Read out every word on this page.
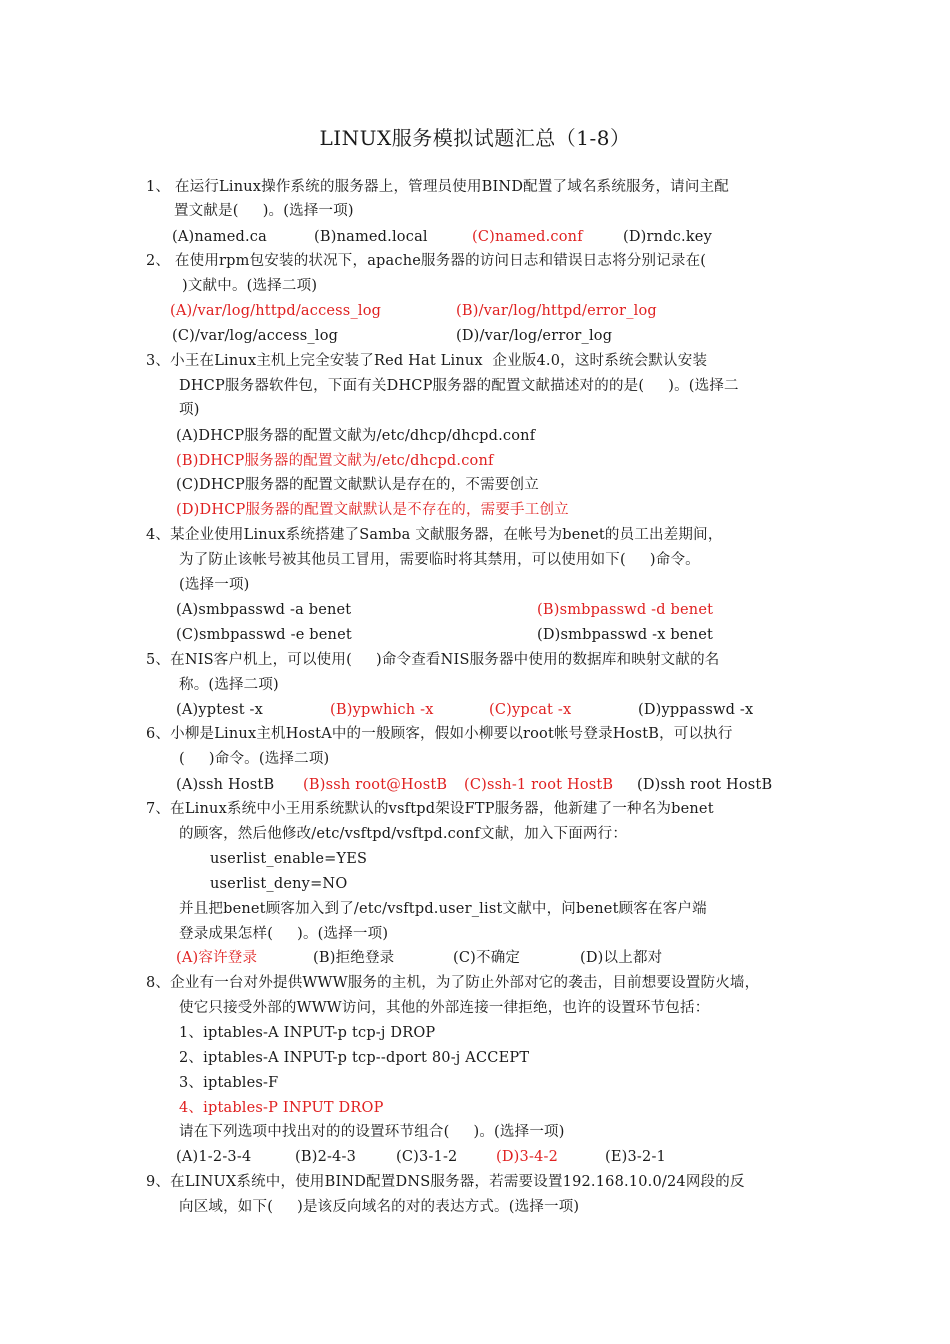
LINUX服务模拟试题汇总（1-8）
1、 在运行Linux操作系统的服务器上，管理员使用BIND配置了域名系统服务，请问主配
置文献是(     )。(选择一项)
(A)named.ca	(B)named.local	(C)named.conf	(D)rndc.key
2、 在使用rpm包安装的状况下，apache服务器的访问日志和错误日志将分别记录在(
)文献中。(选择二项)
(A)/var/log/httpd/access_log	(B)/var/log/httpd/error_log
(C)/var/log/access_log	(D)/var/log/error_log
3、小王在Linux主机上完全安装了Red Hat Linux  企业版4.0，这时系统会默认安装
DHCP服务器软件包，下面有关DHCP服务器的配置文献描述对的的是(     )。(选择二
项)
(A)DHCP服务器的配置文献为/etc/dhcp/dhcpd.conf
(B)DHCP服务器的配置文献为/etc/dhcpd.conf
(C)DHCP服务器的配置文献默认是存在的，不需要创立
(D)DHCP服务器的配置文献默认是不存在的，需要手工创立
4、某企业使用Linux系统搭建了Samba 文献服务器，在帐号为benet的员工出差期间，
为了防止该帐号被其他员工冒用，需要临时将其禁用，可以使用如下(     )命令。
(选择一项)
(A)smbpasswd -a benet	(B)smbpasswd -d benet
(C)smbpasswd -e benet	(D)smbpasswd -x benet
5、在NIS客户机上，可以使用(     )命令查看NIS服务器中使用的数据库和映射文献的名
称。(选择二项)
(A)yptest -x	(B)ypwhich -x	(C)ypcat -x	(D)yppasswd -x
6、小柳是Linux主机HostA中的一般顾客，假如小柳要以root帐号登录HostB，可以执行
(     )命令。(选择二项)
(A)ssh HostB (B)ssh root@HostB (C)ssh-1 root HostB (D)ssh root HostB
7、在Linux系统中小王用系统默认的vsftpd架设FTP服务器，他新建了一种名为benet
的顾客，然后他修改/etc/vsftpd/vsftpd.conf文献，加入下面两行：
userlist_enable=YES
userlist_deny=NO
并且把benet顾客加入到了/etc/vsftpd.user_list文献中，问benet顾客在客户端
登录成果怎样(     )。(选择一项)
(A)容许登录	(B)拒绝登录	(C)不确定	(D)以上都对
8、企业有一台对外提供WWW服务的主机，为了防止外部对它的袭击，目前想要设置防火墙，
使它只接受外部的WWW访问，其他的外部连接一律拒绝，也许的设置环节包括：
1、iptables-A INPUT-p tcp-j DROP
2、iptables-A INPUT-p tcp--dport 80-j ACCEPT
3、iptables-F
4、iptables-P INPUT DROP
请在下列选项中找出对的的设置环节组合(     )。(选择一项)
(A)1-2-3-4	(B)2-4-3	(C)3-1-2	(D)3-4-2	(E)3-2-1
9、在LINUX系统中，使用BIND配置DNS服务器，若需要设置192.168.10.0/24网段的反
向区域，如下(     )是该反向域名的对的表达方式。(选择一项)
